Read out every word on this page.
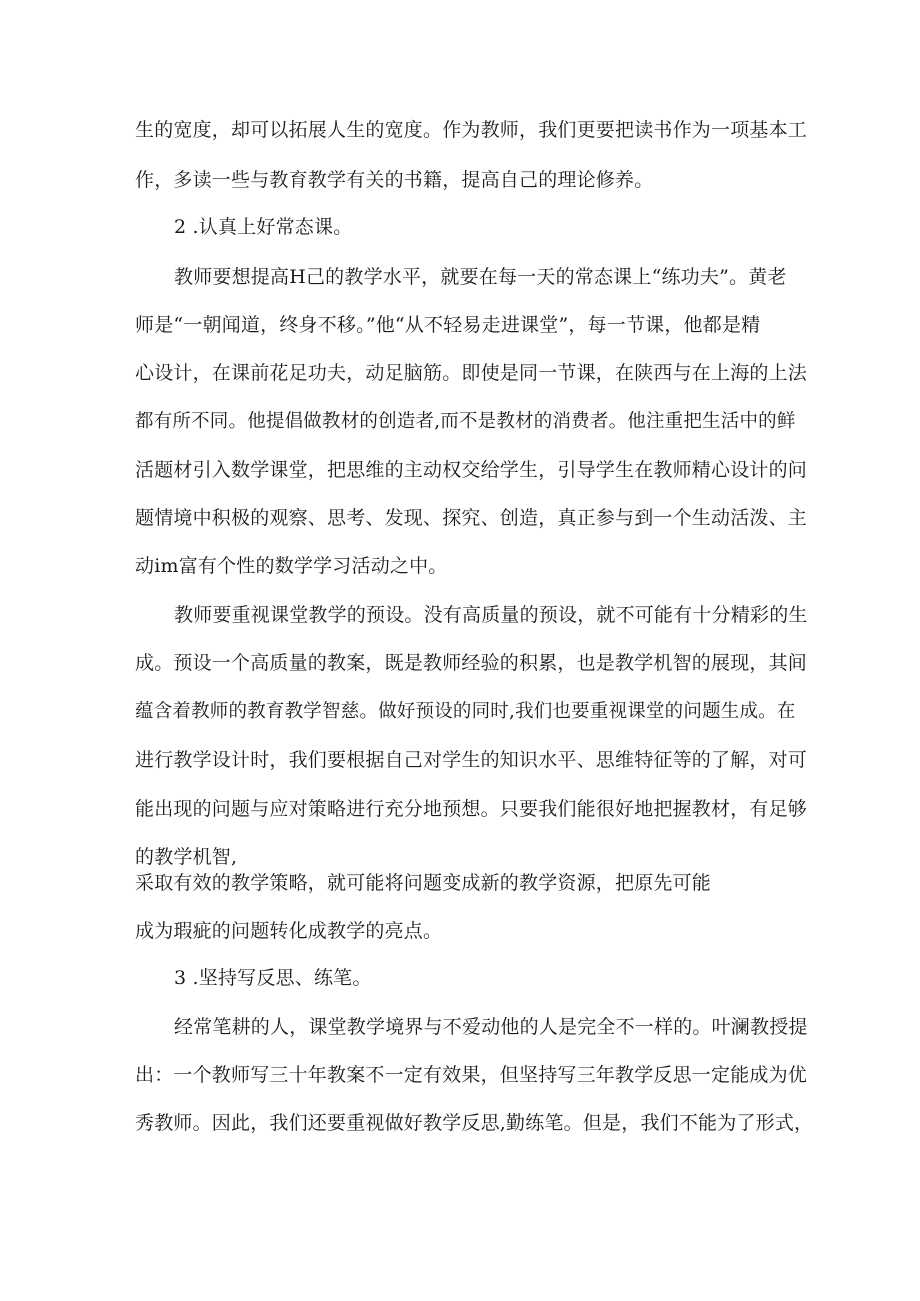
生的宽度，却可以拓展人生的宽度。作为教师，我们更要把读书作为一项基本工
作，多读一些与教育教学有关的书籍，提高自己的理论修养。
2 .认真上好常态课。
教师要想提高H己的教学水平，就要在每一天的常态课上“练功夫”。黄老
师是“一朝闻道，终身不移。”他“从不轻易走进课堂”，每一节课，他都是精
心设计，在课前花足功夫，动足脑筋。即使是同一节课，在陕西与在上海的上法
都有所不同。他提倡做教材的创造者,而不是教材的消费者。他注重把生活中的鲜
活题材引入数学课堂，把思维的主动权交给学生，引导学生在教师精心设计的问
题情境中积极的观察、思考、发现、探究、创造，真正参与到一个生动活泼、主
动im富有个性的数学学习活动之中。
教师要重视课堂教学的预设。没有高质量的预设，就不可能有十分精彩的生
成。预设一个高质量的教案，既是教师经验的积累，也是教学机智的展现，其间
蕴含着教师的教育教学智慈。做好预设的同时,我们也要重视课堂的问题生成。在
进行教学设计时，我们要根据自己对学生的知识水平、思维特征等的了解，对可
能出现的问题与应对策略进行充分地预想。只要我们能很好地把握教材，有足够
的教学机智,
采取有效的教学策略，就可能将问题变成新的教学资源，把原先可能
成为瑕疵的问题转化成教学的亮点。
3 .坚持写反思、练笔。
经常笔耕的人，课堂教学境界与不爱动他的人是完全不一样的。叶澜教授提
出：一个教师写三十年教案不一定有效果，但坚持写三年教学反思一定能成为优
秀教师。因此，我们还要重视做好教学反思,勤练笔。但是，我们不能为了形式，
